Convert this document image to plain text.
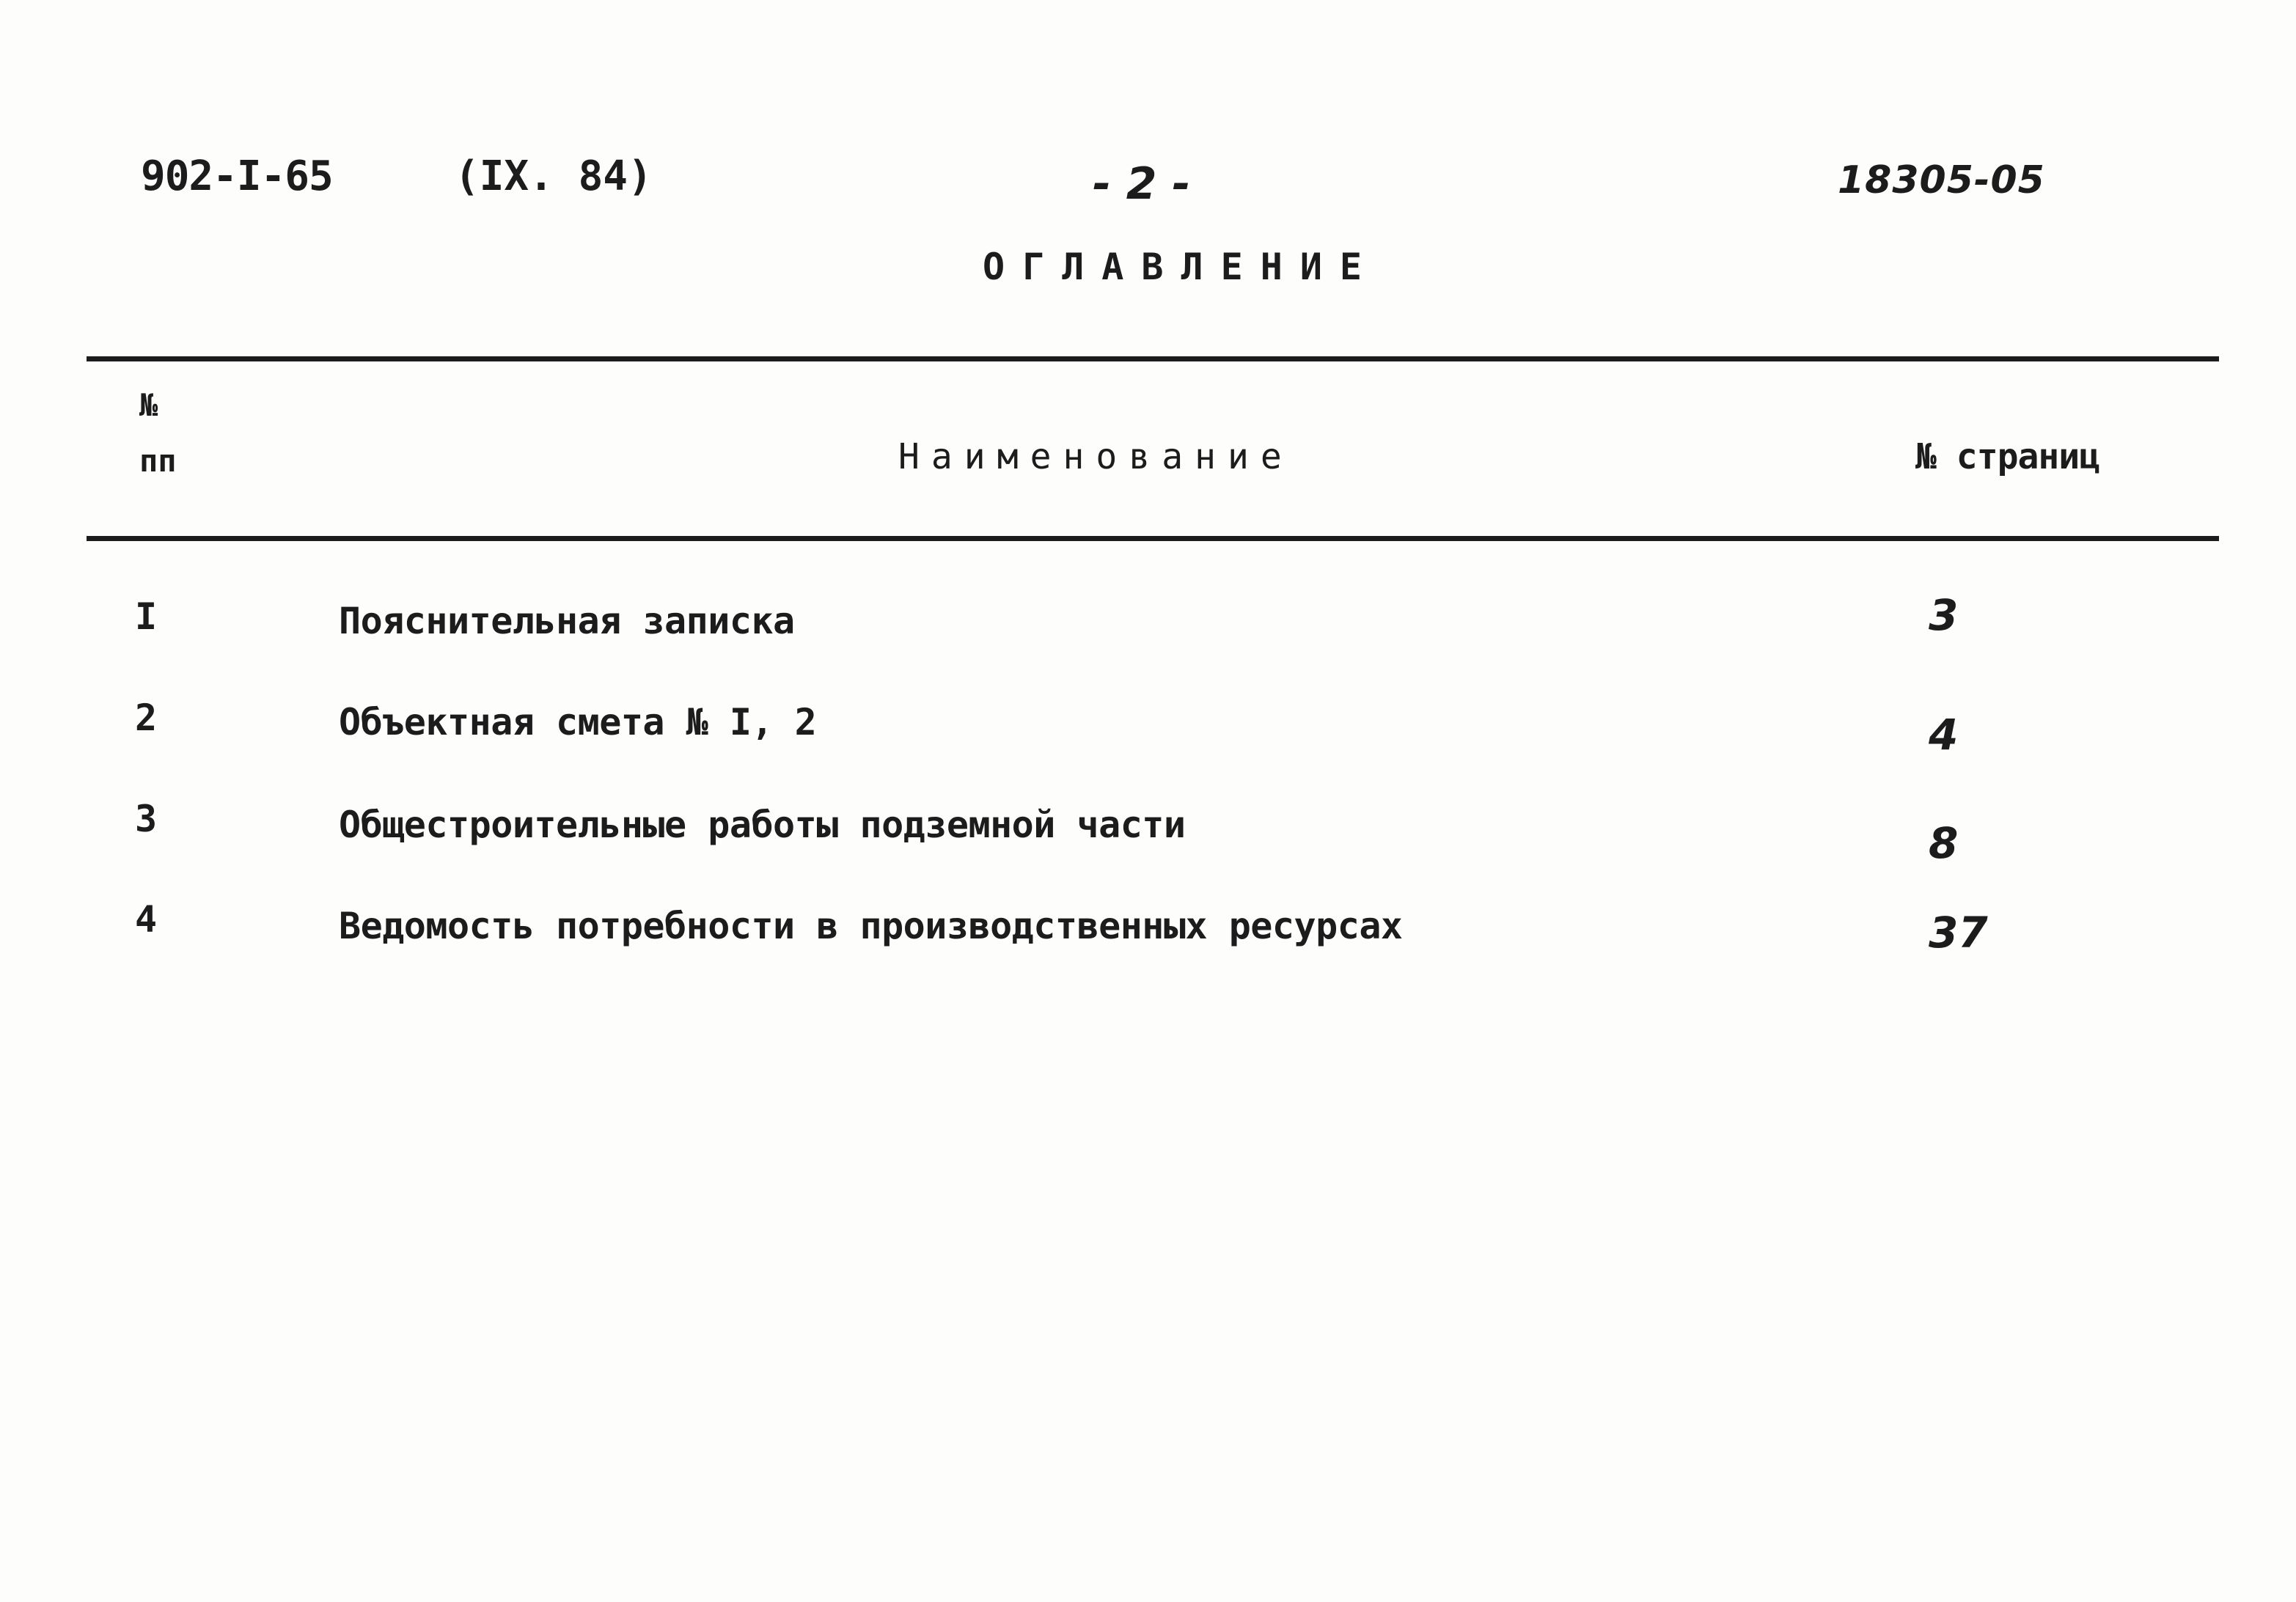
902-I-65	(IX. 84)	- 2 -	18305-05
ОГЛАВЛЕНИЕ
№
пп	Наименование	№ страниц
I	Пояснительная записка	3
2	Объектная смета № I, 2	4
3	Общестроительные работы подземной части	8
4	Ведомость потребности в производственных ресурсах	37
